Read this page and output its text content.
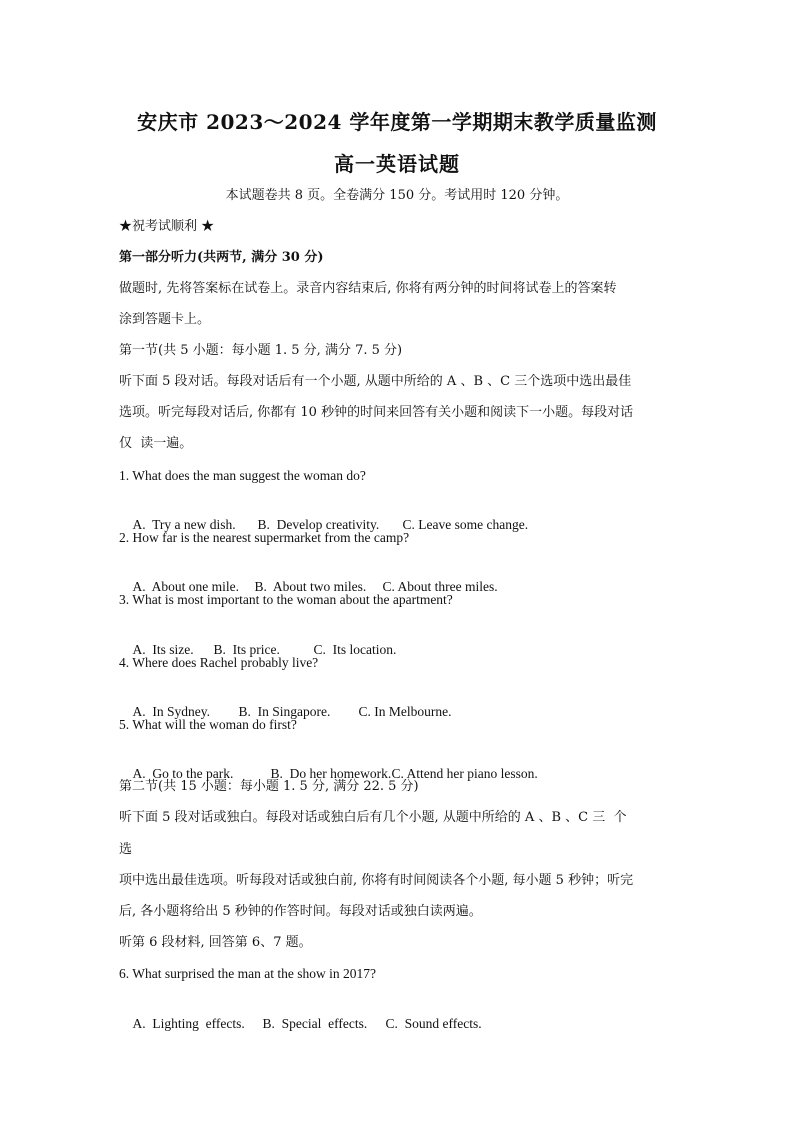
安庆市 2023～2024 学年度第一学期期末教学质量监测
高一英语试题
本试题卷共 8 页。全卷满分 150 分。考试用时 120 分钟。
★祝考试顺利 ★
第一部分听力(共两节, 满分 30 分)
做题时, 先将答案标在试卷上。录音内容结束后, 你将有两分钟的时间将试卷上的答案转
涂到答题卡上。
第一节(共 5 小题：每小题 1. 5 分, 满分 7. 5 分)
听下面 5 段对话。每段对话后有一个小题, 从题中所给的 A 、B 、C 三个选项中选出最佳
选项。听完每段对话后, 你都有 10 秒钟的时间来回答有关小题和阅读下一小题。每段对话
仅  读一遍。
1. What does the man suggest the woman do?

A.  Try a new dish. B.  Develop creativity. C. Leave some change.

2. How far is the nearest supermarket from the camp?

A.  About one mile. B.  About two miles. C. About three miles.

3. What is most important to the woman about the apartment?

A.  Its size. B.  Its price. C.  Its location.

4. Where does Rachel probably live?

A.  In Sydney. B.  In Singapore. C. In Melbourne.

5. What will the woman do first?

A.  Go to the park.	B.  Do her homework.C. Attend her piano lesson.

第二节(共 15 小题：每小题 1. 5 分, 满分 22. 5 分)
听下面 5 段对话或独白。每段对话或独白后有几个小题, 从题中所给的 A 、B 、C 三  个
选
项中选出最佳选项。听每段对话或独白前, 你将有时间阅读各个小题, 每小题 5 秒钟；听完
后, 各小题将给出 5 秒钟的作答时间。每段对话或独白读两遍。
听第 6 段材料, 回答第 6、7 题。
6. What surprised the man at the show in 2017?

A.  Lighting  effects. B.  Special  effects. C.  Sound effects.
